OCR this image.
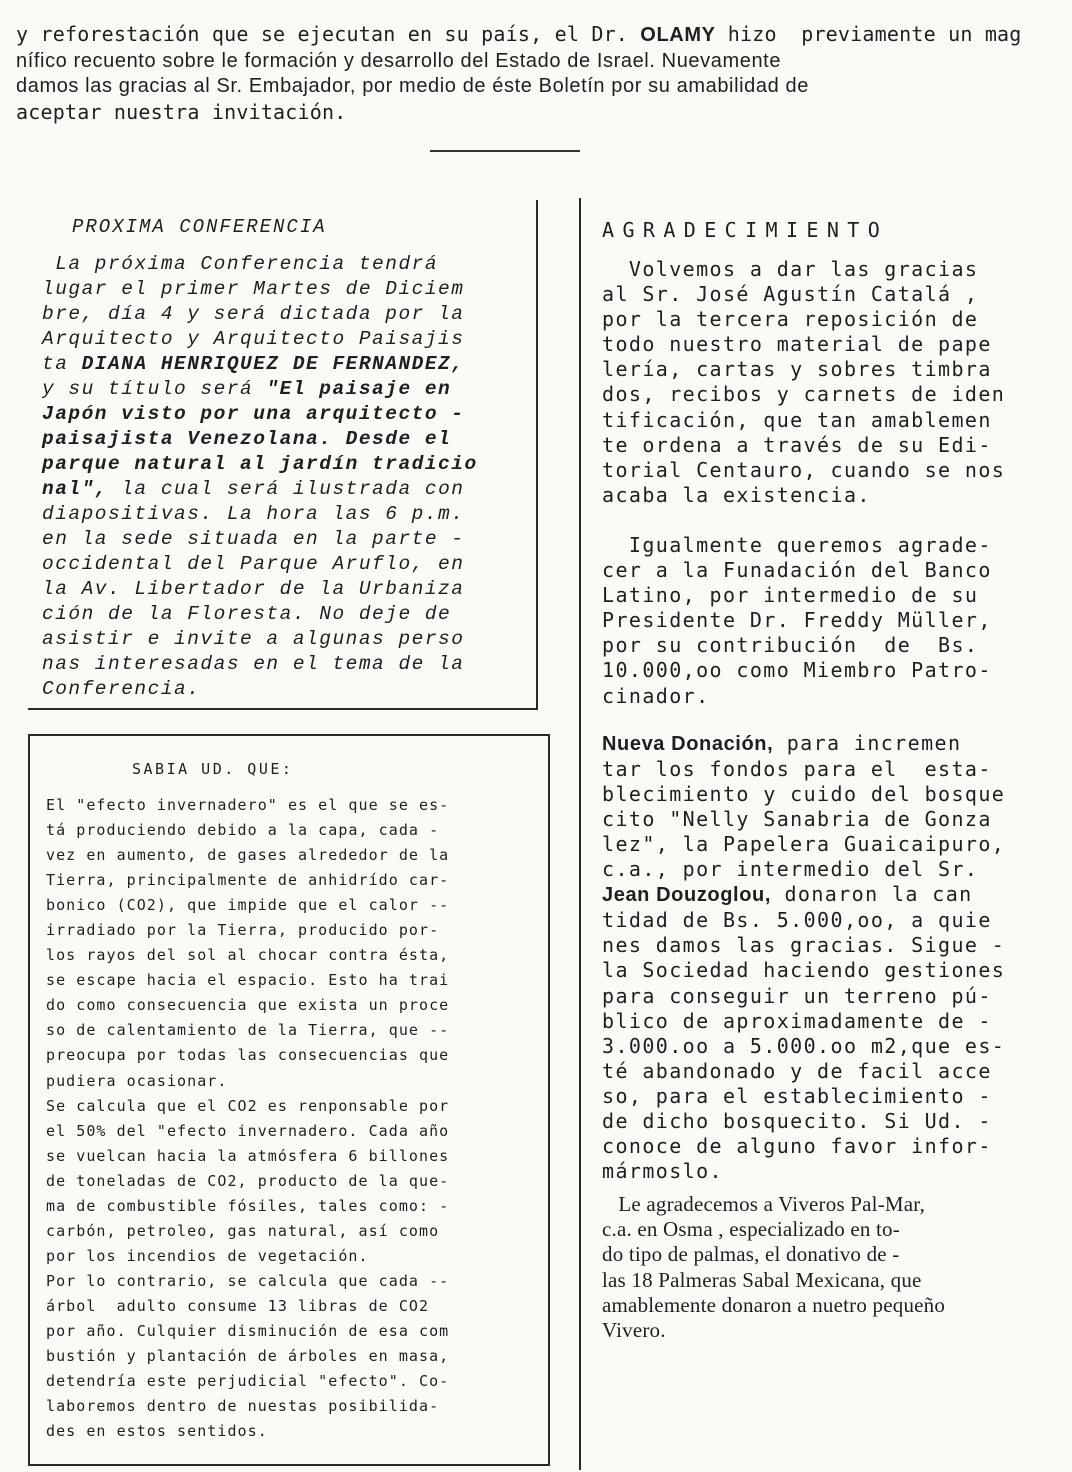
y reforestación que se ejecutan en su país, el Dr. OLAMY hizo  previamente un mag
nífico recuento sobre le formación y desarrollo del Estado de Israel. Nuevamente
damos las gracias al Sr. Embajador, por medio de éste Boletín por su amabilidad de
aceptar nuestra invitación.
PROXIMA CONFERENCIA
La próxima Conferencia tendrá
lugar el primer Martes de Diciem
bre, día 4 y será dictada por la
Arquitecto y Arquitecto Paisajis
ta DIANA HENRIQUEZ DE FERNANDEZ,
y su título será "El paisaje en
Japón visto por una arquitecto -
paisajista Venezolana. Desde el
parque natural al jardín tradicio
nal", la cual será ilustrada con
diapositivas. La hora las 6 p.m.
en la sede situada en la parte -
occidental del Parque Aruflo, en
la Av. Libertador de la Urbaniza
ción de la Floresta. No deje de
asistir e invite a algunas perso
nas interesadas en el tema de la
Conferencia.
SABIA UD. QUE:
El "efecto invernadero" es el que se es-
tá produciendo debido a la capa, cada -
vez en aumento, de gases alrededor de la
Tierra, principalmente de anhidrído car-
bonico (CO2), que impide que el calor --
irradiado por la Tierra, producido por-
los rayos del sol al chocar contra ésta,
se escape hacia el espacio. Esto ha trai
do como consecuencia que exista un proce
so de calentamiento de la Tierra, que --
preocupa por todas las consecuencias que
pudiera ocasionar.
Se calcula que el CO2 es renponsable por
el 50% del "efecto invernadero. Cada año
se vuelcan hacia la atmósfera 6 billones
de toneladas de CO2, producto de la que-
ma de combustible fósiles, tales como: -
carbón, petroleo, gas natural, así como
por los incendios de vegetación.
Por lo contrario, se calcula que cada --
árbol  adulto consume 13 libras de CO2
por año. Culquier disminución de esa com
bustión y plantación de árboles en masa,
detendría este perjudicial "efecto". Co-
laboremos dentro de nuestas posibilida-
des en estos sentidos.
AGRADECIMIENTO
Volvemos a dar las gracias
al Sr. José Agustín Catalá ,
por la tercera reposición de
todo nuestro material de pape
lería, cartas y sobres timbra
dos, recibos y carnets de iden
tificación, que tan amablemen
te ordena a través de su Edi-
torial Centauro, cuando se nos
acaba la existencia.
Igualmente queremos agrade-
cer a la Funadación del Banco
Latino, por intermedio de su
Presidente Dr. Freddy Müller,
por su contribución  de  Bs.
10.000,oo como Miembro Patro-
cinador.
Nueva Donación, para incremen
tar los fondos para el  esta-
blecimiento y cuido del bosque
cito "Nelly Sanabria de Gonza
lez", la Papelera Guaicaipuro,
c.a., por intermedio del Sr.
Jean Douzoglou, donaron la can
tidad de Bs. 5.000,oo, a quie
nes damos las gracias. Sigue -
la Sociedad haciendo gestiones
para conseguir un terreno pú-
blico de aproximadamente de -
3.000.oo a 5.000.oo m2,que es-
té abandonado y de facil acce
so, para el establecimiento -
de dicho bosquecito. Si Ud. -
conoce de alguno favor infor-
mármoslo.
Le agradecemos a Viveros Pal-Mar,
c.a. en Osma , especializado en to-
do tipo de palmas, el donativo de -
las 18 Palmeras Sabal Mexicana, que
amablemente donaron a nuetro pequeño
Vivero.
